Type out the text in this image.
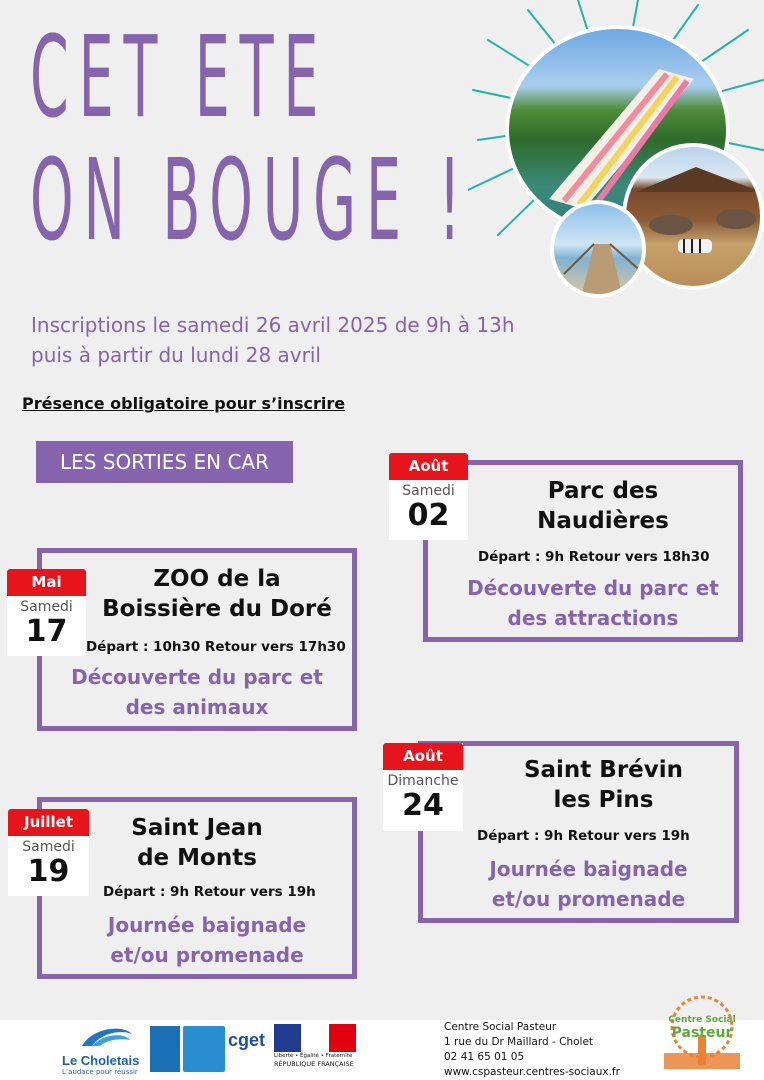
CET ETE
ON BOUGE !
Inscriptions le samedi 26 avril 2025 de 9h à 13h
puis à partir du lundi 28 avril
Présence obligatoire pour s’inscrire
LES SORTIES EN CAR
ZOO de la
Boissière du Doré
Départ : 10h30 Retour vers 17h30
Découverte du parc et
des animaux
Mai
Samedi
17
Parc des
Naudières
Départ : 9h Retour vers 18h30
Découverte du parc et
des attractions
Août
Samedi
02
Saint Jean
de Monts
Départ : 9h Retour vers 19h
Journée baignade
et/ou promenade
Juillet
Samedi
19
Saint Brévin
les Pins
Départ : 9h Retour vers 19h
Journée baignade
et/ou promenade
Août
Dimanche
24
Le Choletais
L’audace pour réussir
cget
Liberté • Égalité • Fraternité
RÉPUBLIQUE FRANÇAISE
Centre Social Pasteur
1 rue du Dr Maillard - Cholet
02 41 65 01 05
www.cspasteur.centres-sociaux.fr
Centre Social
Pasteur
